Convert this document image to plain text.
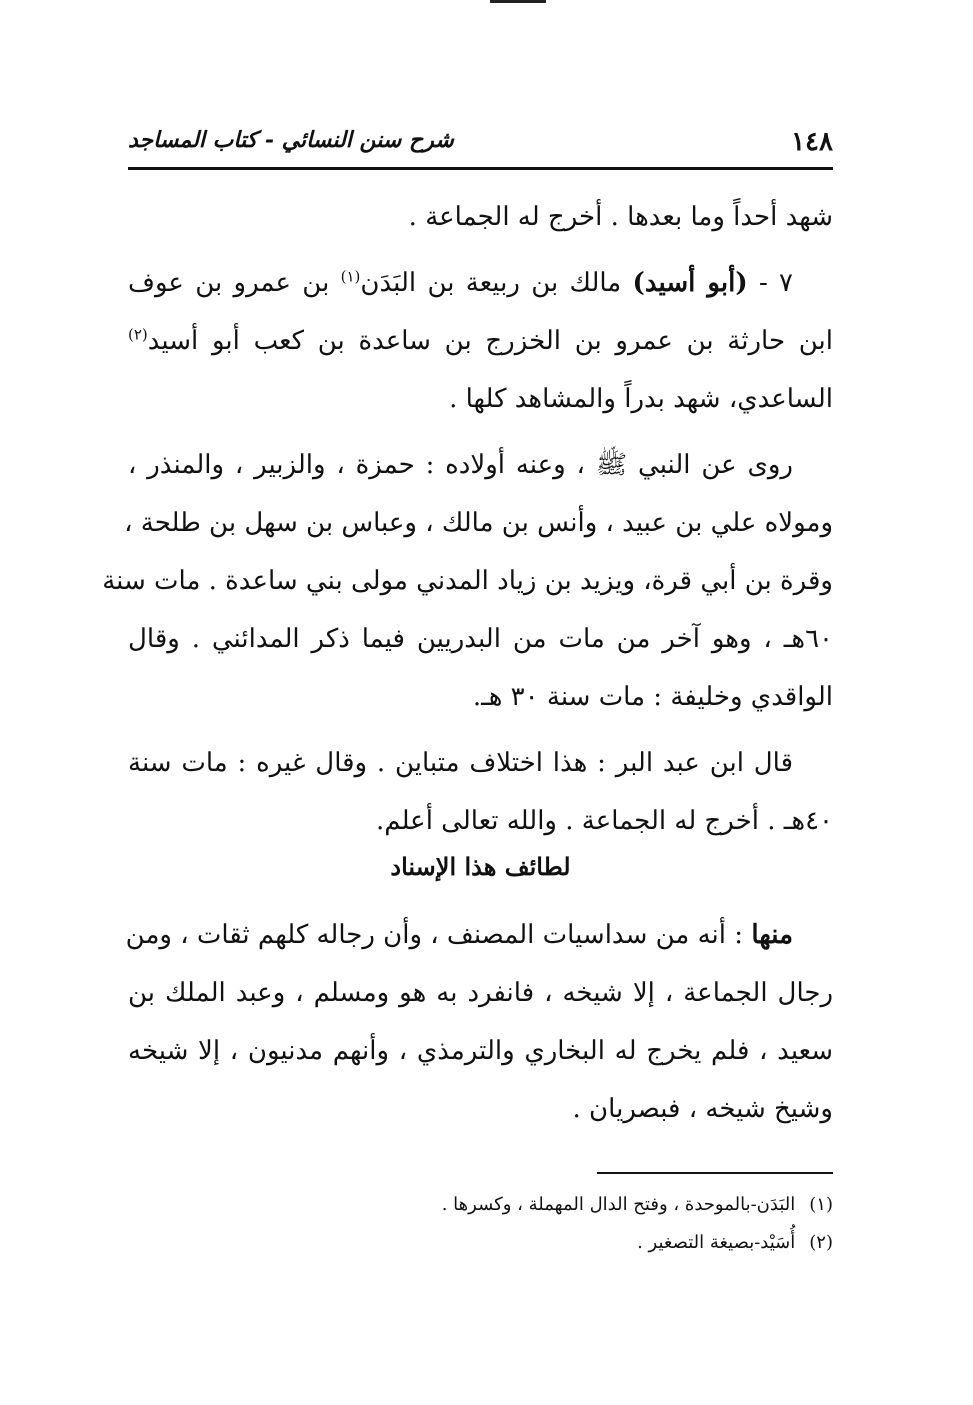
شرح سنن النسائي - كتاب المساجد	١٤٨

شهد أحداً وما بعدها . أخرج له الجماعة .

٧ - (أبو أسيد) مالك بن ربيعة بن البَدَن$^{(١)}$ بن عمرو بن عوف
ابن حارثة بن عمرو بن الخزرج بن ساعدة بن كعب أبو أسيد$^{(٢)}$
الساعدي، شهد بدراً والمشاهد كلها .

روى عن النبي ﷺ ، وعنه أولاده : حمزة ، والزبير ، والمنذر ،
ومولاه علي بن عبيد ، وأنس بن مالك ، وعباس بن سهل بن طلحة ،
وقرة بن أبي قرة، ويزيد بن زياد المدني مولى بني ساعدة . مات سنة
٦٠هـ ، وهو آخر من مات من البدريين فيما ذكر المدائني . وقال
الواقدي وخليفة : مات سنة ٣٠ هـ.

قال ابن عبد البر : هذا اختلاف متباين . وقال غيره : مات سنة
٤٠هـ . أخرج له الجماعة . والله تعالى أعلم.

لطائف هذا الإسناد
منها : أنه من سداسيات المصنف ، وأن رجاله كلهم ثقات ، ومن
رجال الجماعة ، إلا شيخه ، فانفرد به هو ومسلم ، وعبد الملك بن
سعيد ، فلم يخرج له البخاري والترمذي ، وأنهم مدنيون ، إلا شيخه
وشيخ شيخه ، فبصريان .
(١)البَدَن-بالموحدة ، وفتح الدال المهملة ، وكسرها .
(٢)أُسَيْد-بصيغة التصغير .
